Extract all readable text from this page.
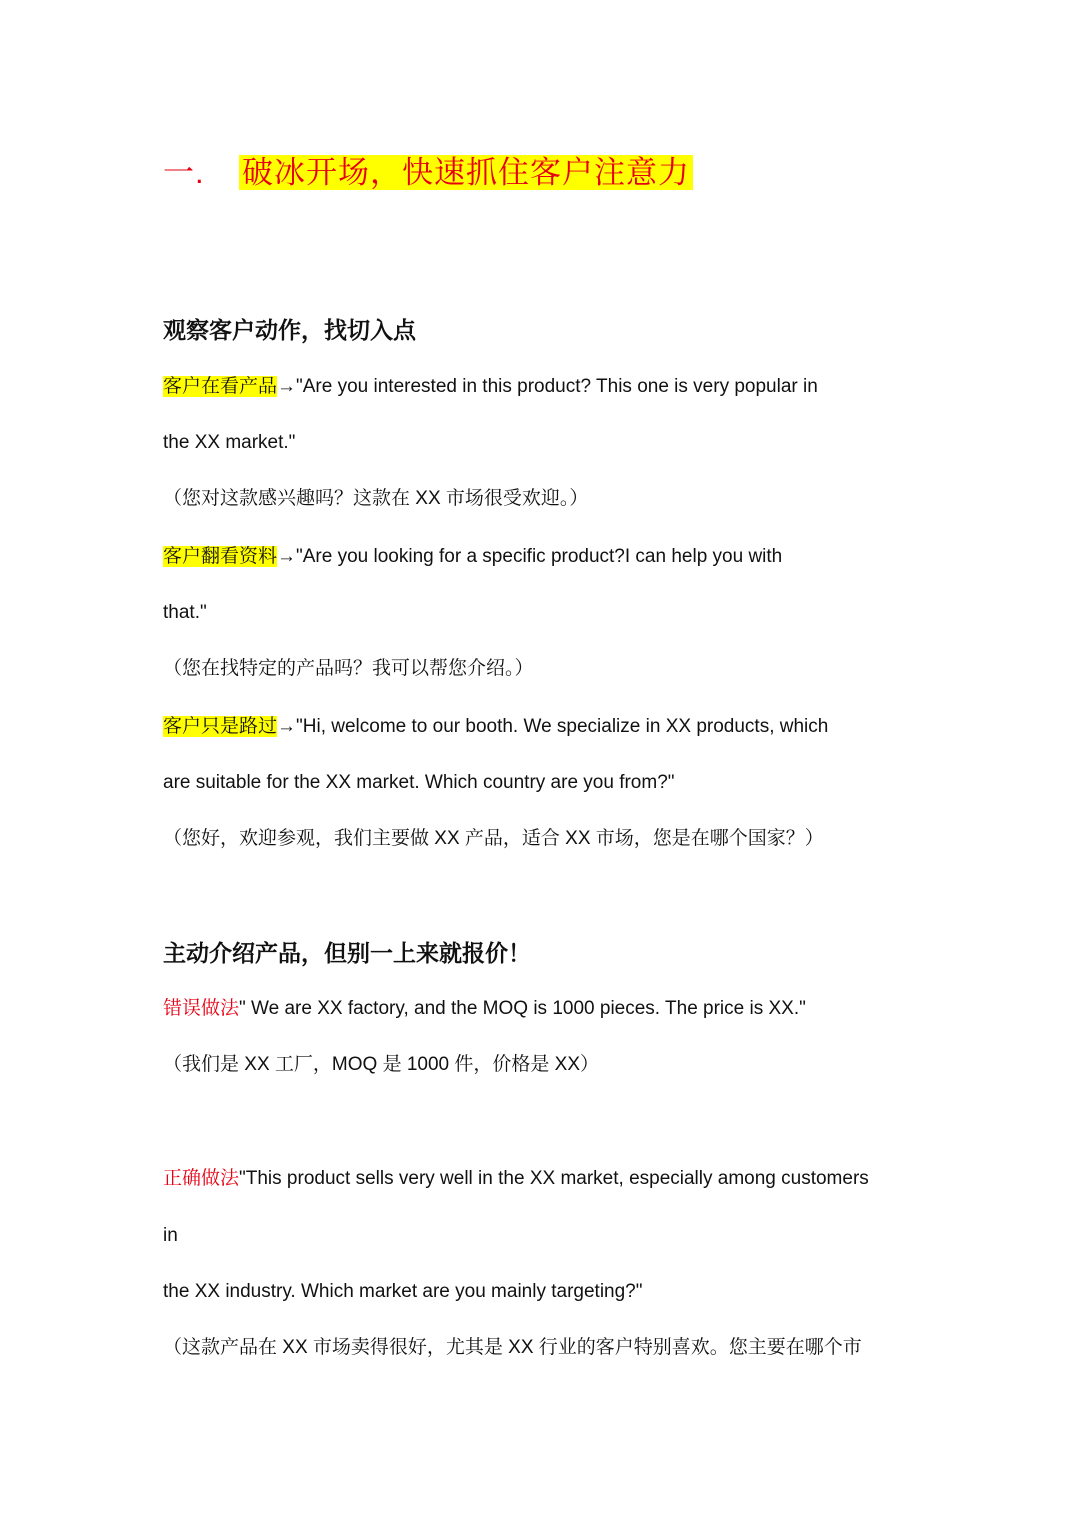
一. 破冰开场，快速抓住客户注意力
观察客户动作，找切入点
客户在看产品→"Are you interested in this product? This one is very popular in
the XX market."
（您对这款感兴趣吗？这款在 XX 市场很受欢迎。）
客户翻看资料→"Are you looking for a specific product?I can help you with
that."
（您在找特定的产品吗？我可以帮您介绍。）
客户只是路过→"Hi, welcome to our booth. We specialize in XX products, which
are suitable for the XX market. Which country are you from?"
（您好，欢迎参观，我们主要做 XX 产品，适合 XX 市场，您是在哪个国家？）
主动介绍产品，但别一上来就报价！
错误做法" We are XX factory, and the MOQ is 1000 pieces. The price is XX."
（我们是 XX 工厂，MOQ 是 1000 件，价格是 XX）
正确做法"This product sells very well in the XX market, especially among customers
in
the XX industry. Which market are you mainly targeting?"
（这款产品在 XX 市场卖得很好，尤其是 XX 行业的客户特别喜欢。您主要在哪个市
